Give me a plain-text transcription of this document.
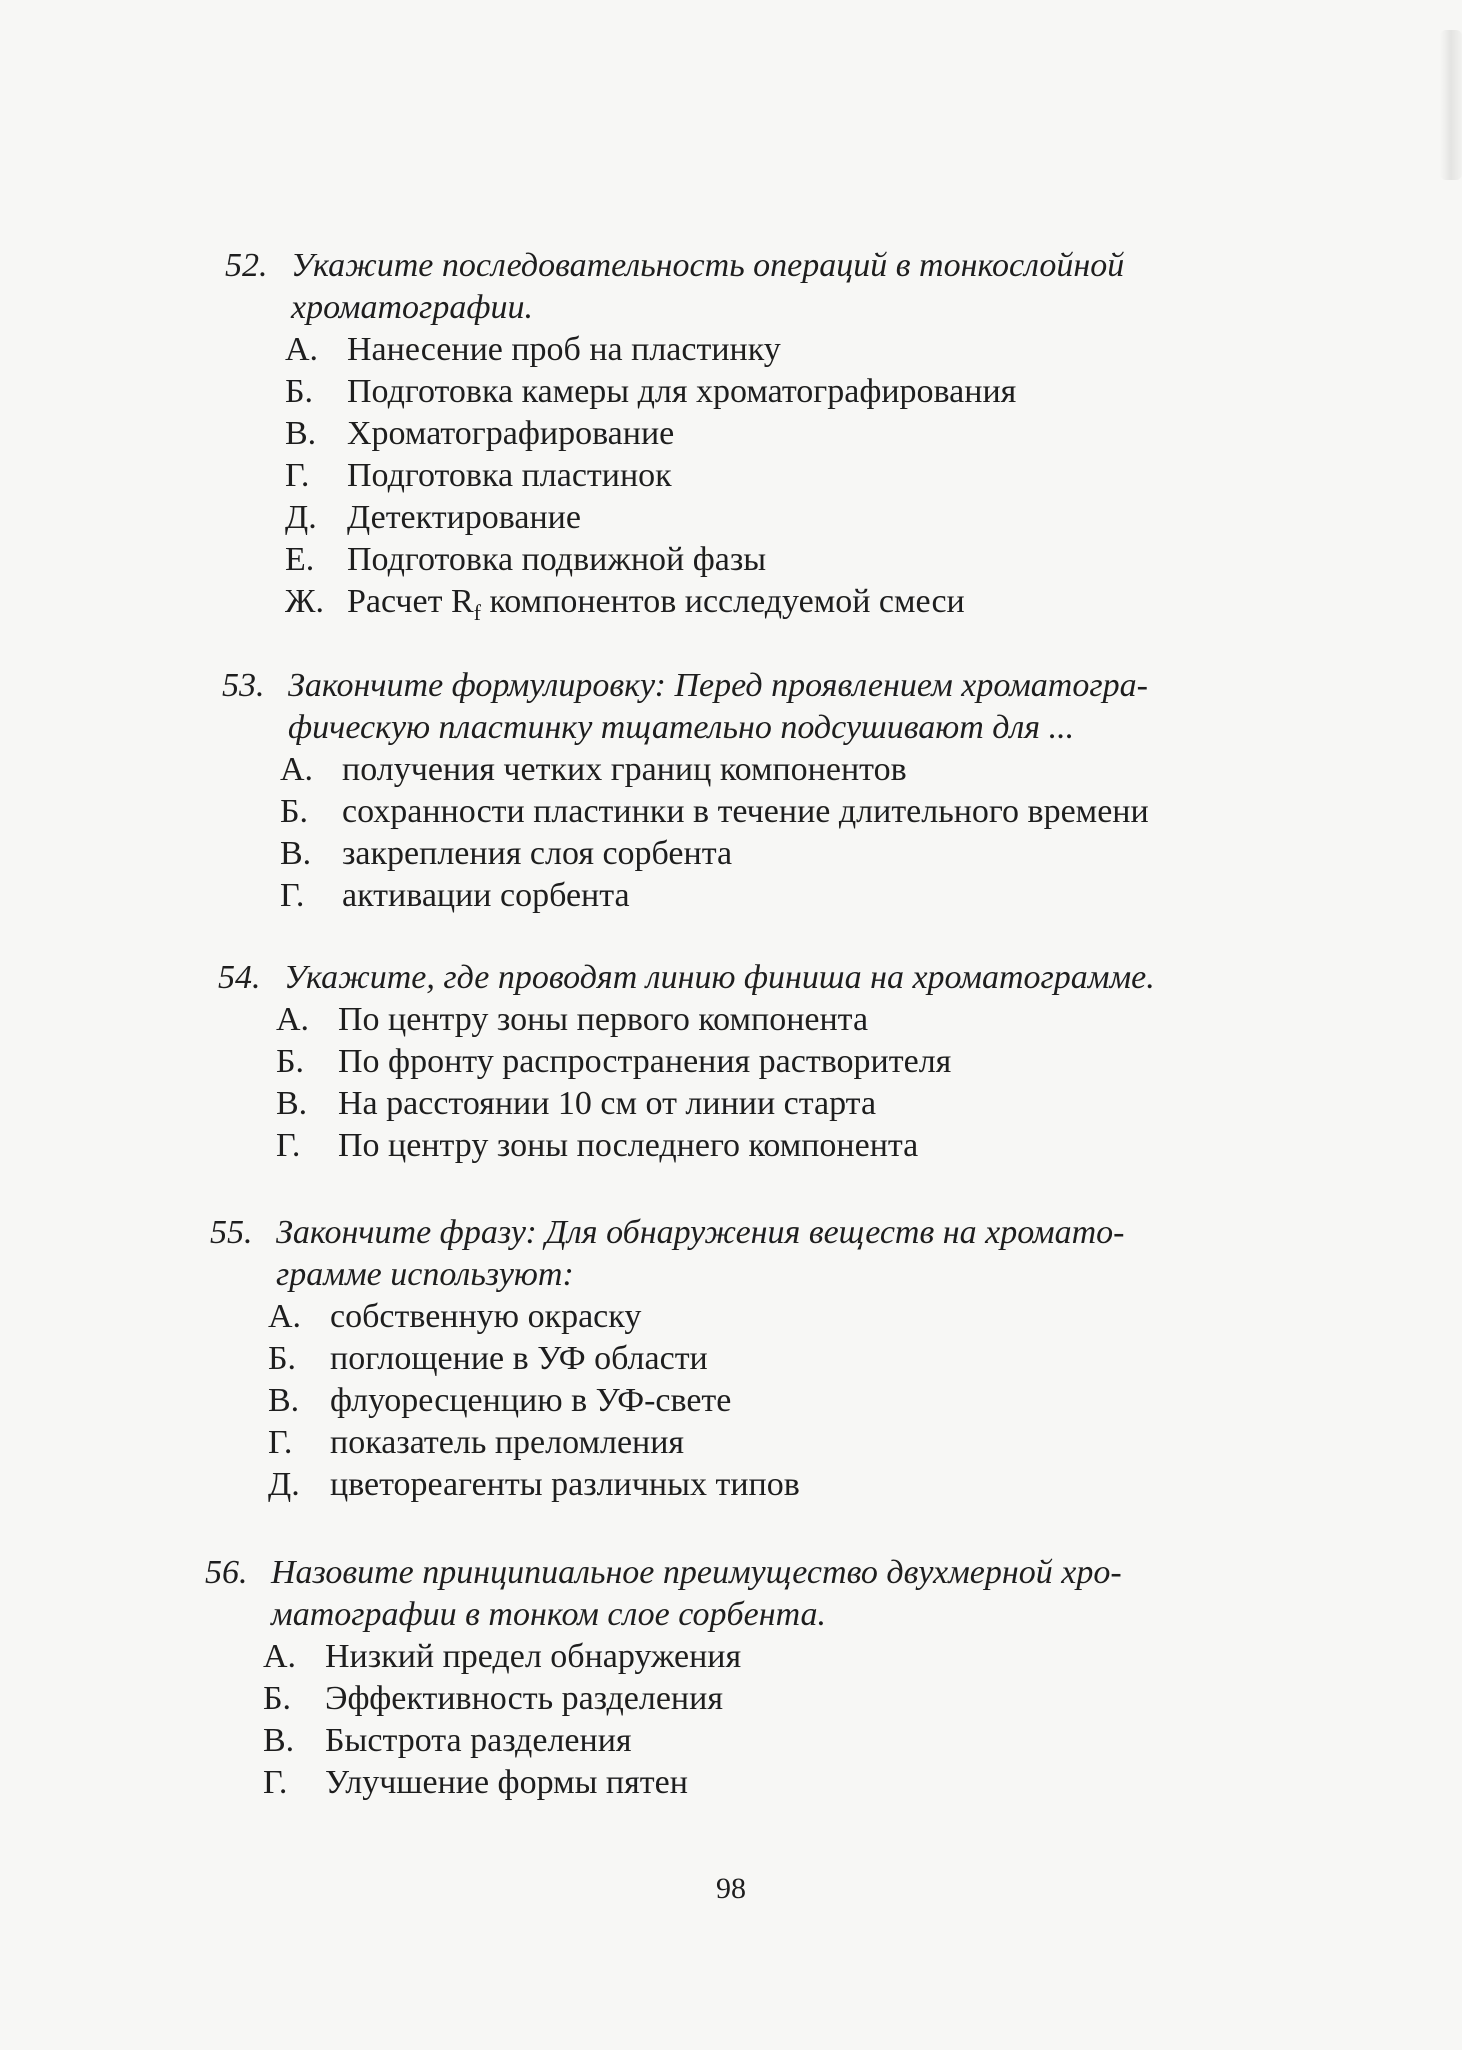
52. Укажите последовательность операций в тонкослойной
хроматографии.
А. Нанесение проб на пластинку
Б. Подготовка камеры для хроматографирования
В. Хроматографирование
Г.	Подготовка пластинок
Д. Детектирование
Е. Подготовка подвижной фазы
Ж. Расчет $R_f$ компонентов исследуемой смеси
53. Закончите формулировку: Перед проявлением хроматогра-
фическую пластинку тщательно подсушивают для ...
А. получения четких границ компонентов
Б. сохранности пластинки в течение длительного времени
В. закрепления слоя сорбента
Г.	активации сорбента
54. Укажите, где проводят линию финиша на хроматограмме.
А. По центру зоны первого компонента
Б. По фронту распространения растворителя
В. На расстоянии 10 см от линии старта
Г.	По центру зоны последнего компонента
55. Закончите фразу: Для обнаружения веществ на хромато-
грамме используют:
А. собственную окраску
Б. поглощение в УФ области
В. флуоресценцию в УФ-свете
Г.	показатель преломления
Д. цветореагенты различных типов
56. Назовите принципиальное преимущество двухмерной хро-
матографии в тонком слое сорбента.
А. Низкий предел обнаружения
Б. Эффективность разделения
В. Быстрота разделения
Г.	Улучшение формы пятен
98
